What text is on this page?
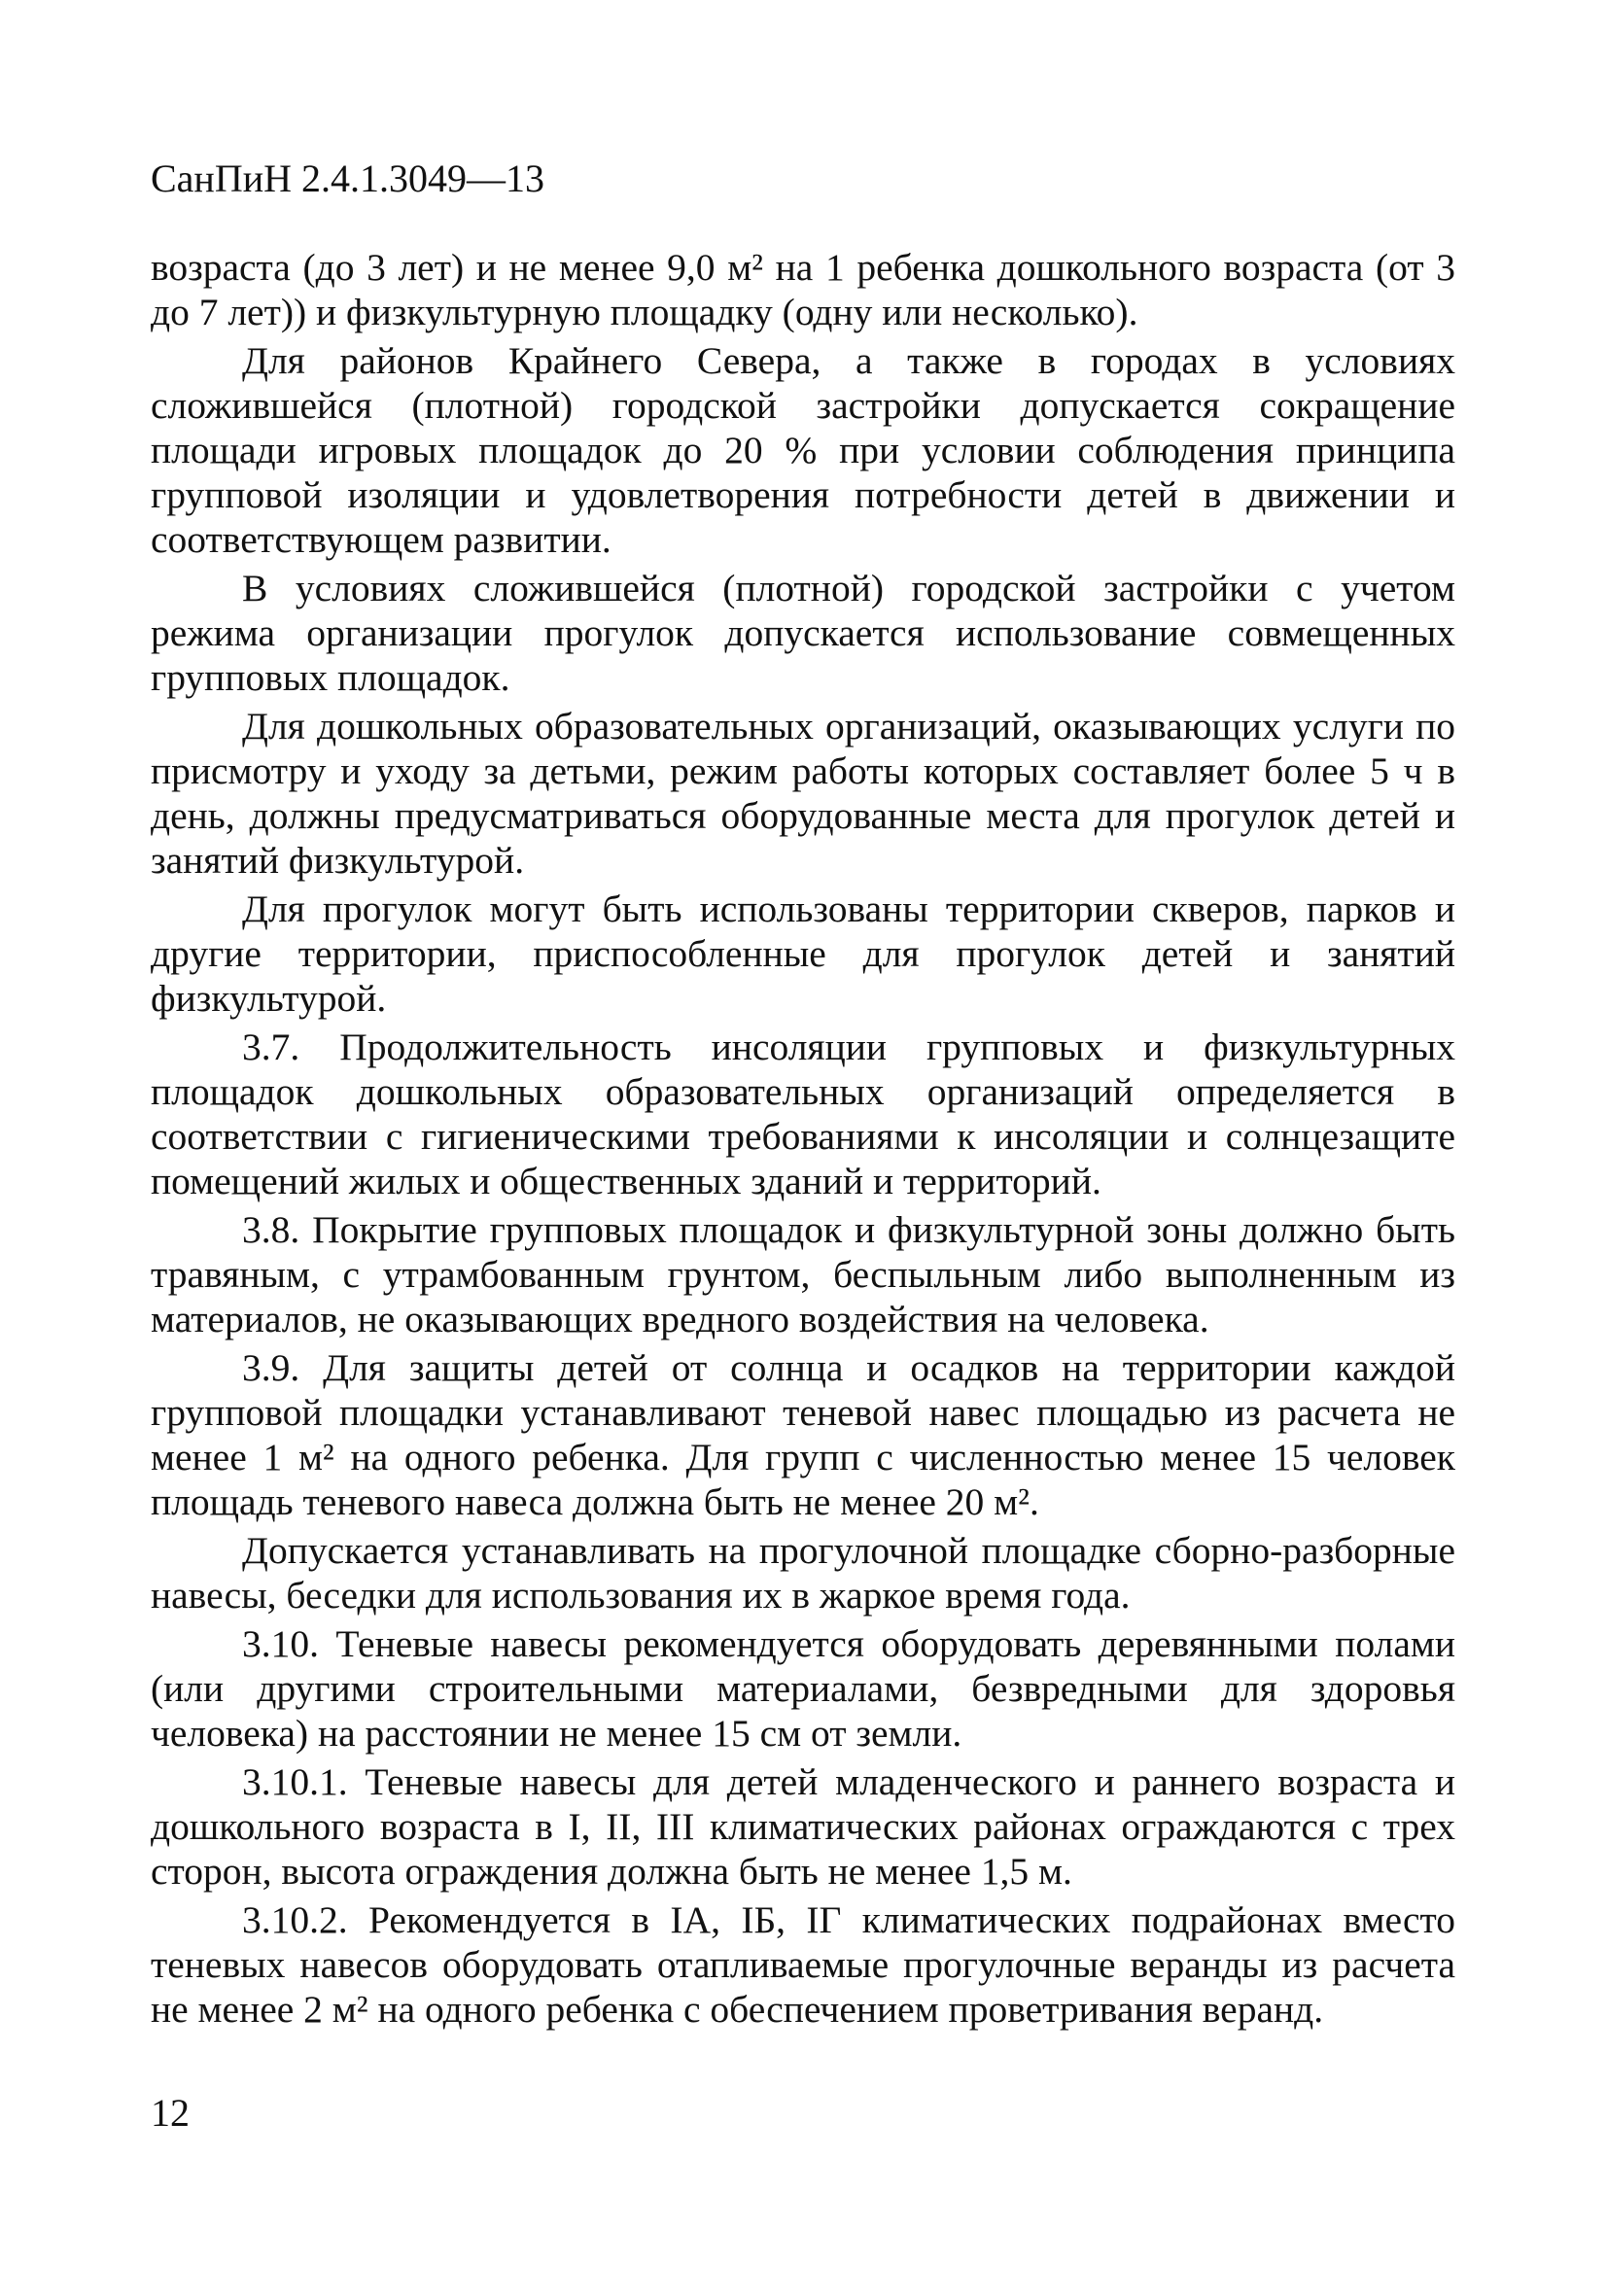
СанПиН 2.4.1.3049—13

возраста (до 3 лет) и не менее 9,0 м² на 1 ребенка дошкольного возраста (от 3 до 7 лет)) и физкультурную площадку (одну или несколько).

Для районов Крайнего Севера, а также в городах в условиях сложившейся (плотной) городской застройки допускается сокращение площади игровых площадок до 20 % при условии соблюдения принципа групповой изоляции и удовлетворения потребности детей в движении и соответствующем развитии.

В условиях сложившейся (плотной) городской застройки с учетом режима организации прогулок допускается использование совмещенных групповых площадок.

Для дошкольных образовательных организаций, оказывающих услуги по присмотру и уходу за детьми, режим работы которых составляет более 5 ч в день, должны предусматриваться оборудованные места для прогулок детей и занятий физкультурой.

Для прогулок могут быть использованы территории скверов, парков и другие территории, приспособленные для прогулок детей и занятий физкультурой.

3.7. Продолжительность инсоляции групповых и физкультурных площадок дошкольных образовательных организаций определяется в соответствии с гигиеническими требованиями к инсоляции и солнцезащите помещений жилых и общественных зданий и территорий.

3.8. Покрытие групповых площадок и физкультурной зоны должно быть травяным, с утрамбованным грунтом, беспыльным либо выполненным из материалов, не оказывающих вредного воздействия на человека.

3.9. Для защиты детей от солнца и осадков на территории каждой групповой площадки устанавливают теневой навес площадью из расчета не менее 1 м² на одного ребенка. Для групп с численностью менее 15 человек площадь теневого навеса должна быть не менее 20 м².

Допускается устанавливать на прогулочной площадке сборно-разборные навесы, беседки для использования их в жаркое время года.

3.10. Теневые навесы рекомендуется оборудовать деревянными полами (или другими строительными материалами, безвредными для здоровья человека) на расстоянии не менее 15 см от земли.

3.10.1. Теневые навесы для детей младенческого и раннего возраста и дошкольного возраста в I, II, III климатических районах ограждаются с трех сторон, высота ограждения должна быть не менее 1,5 м.

3.10.2. Рекомендуется в IА, IБ, IГ климатических подрайонах вместо теневых навесов оборудовать отапливаемые прогулочные веранды из расчета не менее 2 м² на одного ребенка с обеспечением проветривания веранд.

12
